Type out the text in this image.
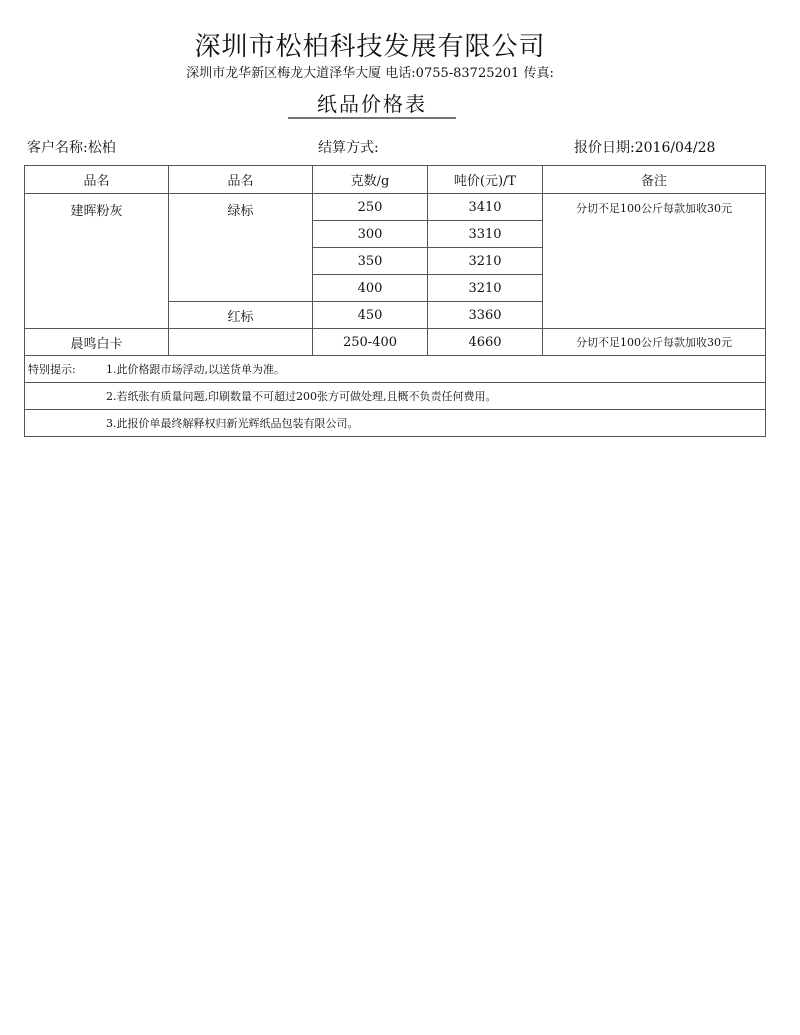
深圳市松柏科技发展有限公司
深圳市龙华新区梅龙大道泽华大厦 电话:0755-83725201 传真:
纸品价格表
客户名称:松柏	结算方式:	报价日期:2016/04/28
品名	品名	克数/g	吨价(元)/T	备注
建晖粉灰	绿标	250	3410	分切不足100公斤每款加收30元
		300	3310	
		350	3210	
		400	3210	
	红标	450	3360	
晨鸣白卡		250-400	4660	分切不足100公斤每款加收30元
特别提示: 1.此价格跟市场浮动,以送货单为准。				
2.若纸张有质量问题,印刷数量不可超过200张方可做处理,且概不负责任何费用。				
3.此报价单最终解释权归新光辉纸品包装有限公司。				
